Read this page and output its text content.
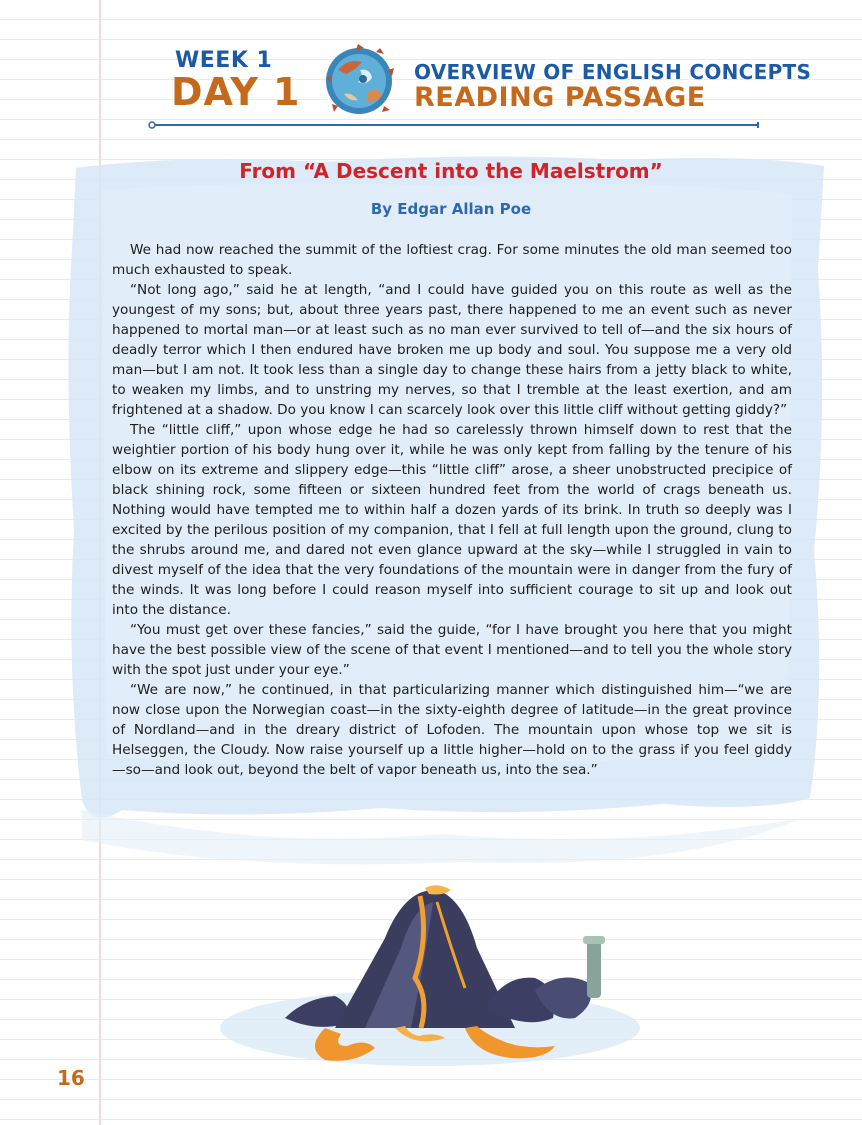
WEEK 1
DAY 1	OVERVIEW OF ENGLISH CONCEPTS
READING PASSAGE
From “A Descent into the Maelstrom”
By Edgar Allan Poe

We had now reached the summit of the loftiest crag. For some minutes the old man seemed too much exhausted to speak.

“Not long ago,” said he at length, “and I could have guided you on this route as well as the youngest of my sons; but, about three years past, there happened to me an event such as never happened to mortal man—or at least such as no man ever survived to tell of—and the six hours of deadly terror which I then endured have broken me up body and soul. You suppose me a very old man—but I am not. It took less than a single day to change these hairs from a jetty black to white, to weaken my limbs, and to unstring my nerves, so that I tremble at the least exertion, and am frightened at a shadow. Do you know I can scarcely look over this little cliff without getting giddy?”

The “little cliff,” upon whose edge he had so carelessly thrown himself down to rest that the weightier portion of his body hung over it, while he was only kept from falling by the tenure of his elbow on its extreme and slippery edge—this “little cliff” arose, a sheer unobstructed precipice of black shining rock, some fifteen or sixteen hundred feet from the world of crags beneath us. Nothing would have tempted me to within half a dozen yards of its brink. In truth so deeply was I excited by the perilous position of my companion, that I fell at full length upon the ground, clung to the shrubs around me, and dared not even glance upward at the sky—while I struggled in vain to divest myself of the idea that the very foundations of the mountain were in danger from the fury of the winds. It was long before I could reason myself into sufficient courage to sit up and look out into the distance.

“You must get over these fancies,” said the guide, “for I have brought you here that you might have the best possible view of the scene of that event I mentioned—and to tell you the whole story with the spot just under your eye.”

“We are now,” he continued, in that particularizing manner which distinguished him—“we are now close upon the Norwegian coast—in the sixty-eighth degree of latitude—in the great province of Nordland—and in the dreary district of Lofoden. The mountain upon whose top we sit is Helseggen, the Cloudy. Now raise yourself up a little higher—hold on to the grass if you feel giddy—so—and look out, beyond the belt of vapor beneath us, into the sea.”

16
